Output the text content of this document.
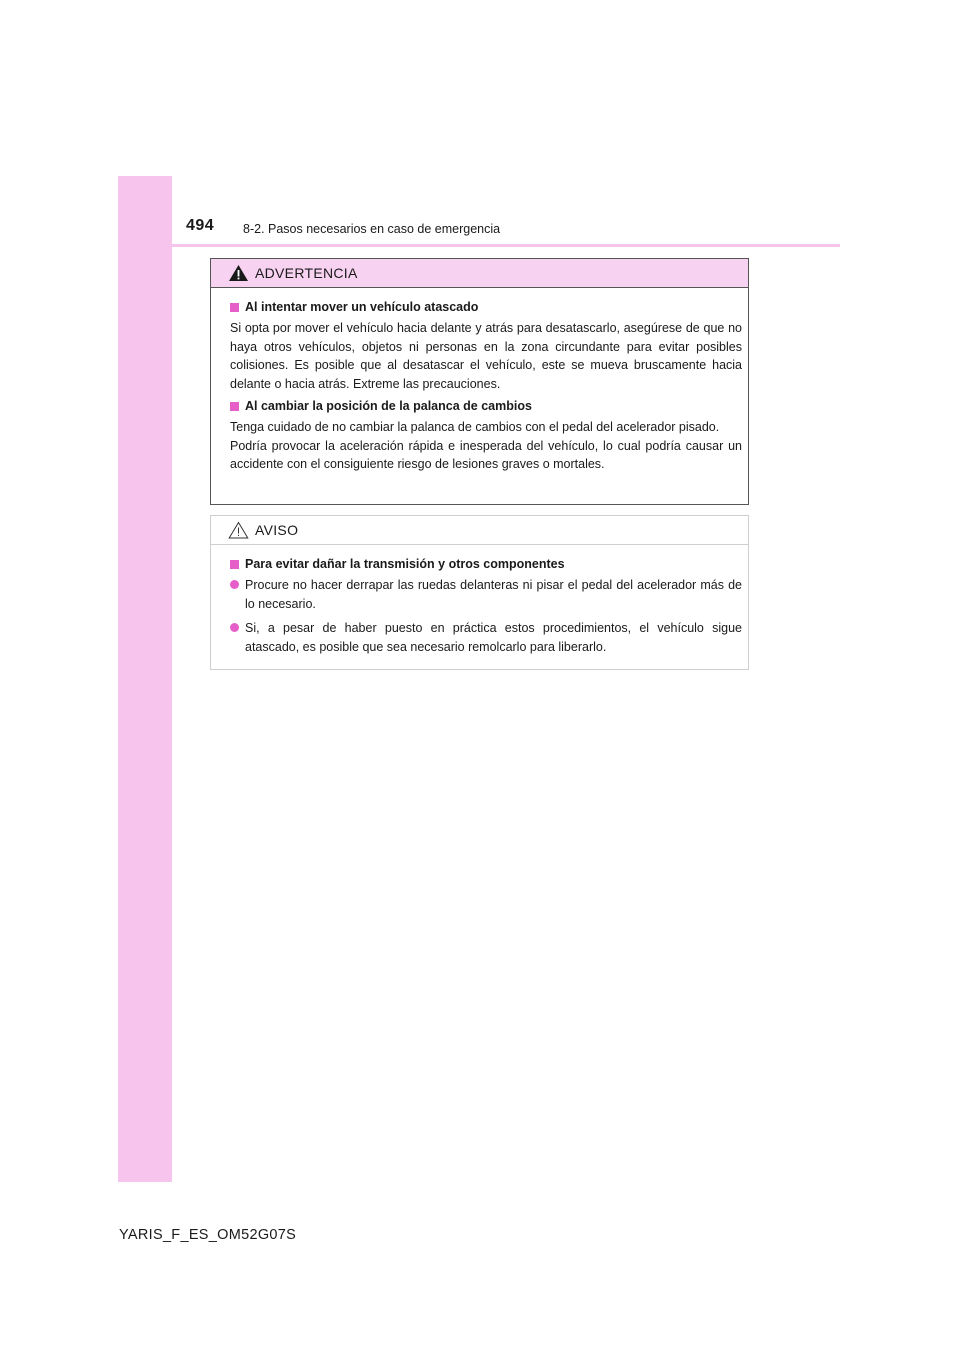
494 8-2. Pasos necesarios en caso de emergencia
ADVERTENCIA
Al intentar mover un vehículo atascado
Si opta por mover el vehículo hacia delante y atrás para desatascarlo, asegúrese de que no haya otros vehículos, objetos ni personas en la zona circundante para evitar posibles colisiones. Es posible que al desatascar el vehículo, este se mueva bruscamente hacia delante o hacia atrás. Extreme las precauciones.
Al cambiar la posición de la palanca de cambios
Tenga cuidado de no cambiar la palanca de cambios con el pedal del acelerador pisado.
Podría provocar la aceleración rápida e inesperada del vehículo, lo cual podría causar un accidente con el consiguiente riesgo de lesiones graves o mortales.
AVISO
Para evitar dañar la transmisión y otros componentes
Procure no hacer derrapar las ruedas delanteras ni pisar el pedal del acelerador más de lo necesario.
Si, a pesar de haber puesto en práctica estos procedimientos, el vehículo sigue atascado, es posible que sea necesario remolcarlo para liberarlo.
YARIS_F_ES_OM52G07S
